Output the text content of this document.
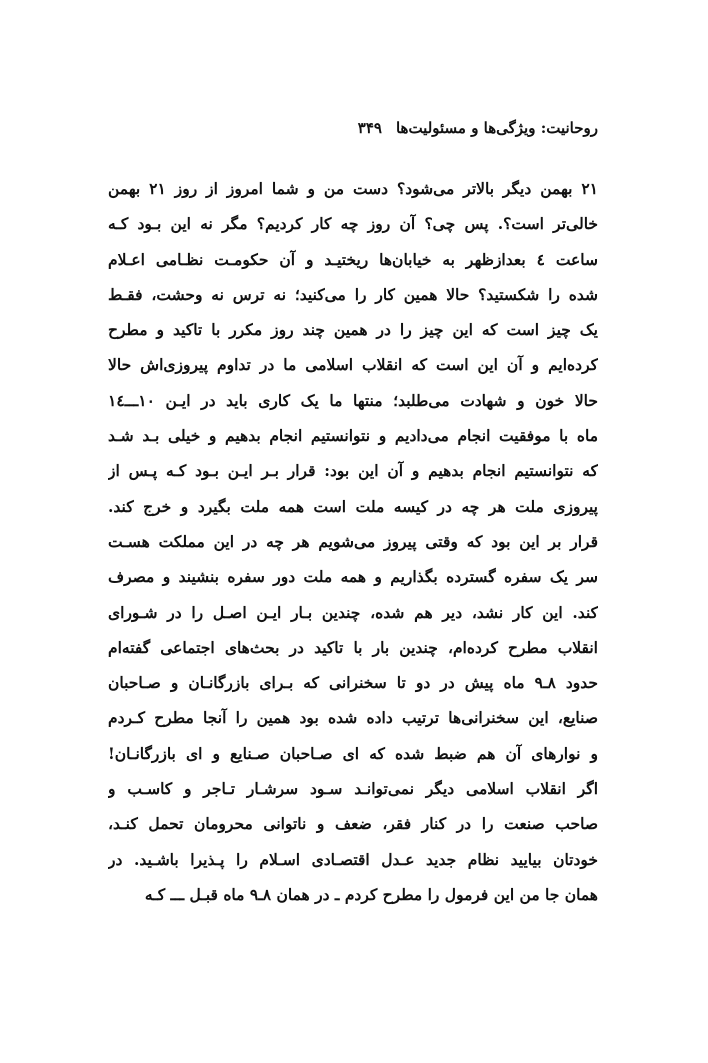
روحانیت: ویژگی‌ها و مسئولیت‌ها۳۴۹
۲۱ بهمن دیگر بالاتر می‌شود؟ دست من و شما امروز از روز ۲۱ بهمن
خالی‌تر است؟. پس چی؟ آن روز چه کار کردیم؟ مگر نه این بـود کـه
ساعت ٤ بعدازظهر به خیابان‌ها ریختیـد و آن حکومـت نظـامی اعـلام
شده را شکستید؟ حالا همین کار را می‌کنید؛ نه ترس نه وحشت، فقـط
یک چیز است که این چیز را در همین چند روز مکرر با تاکید و مطرح
کرده‌ایم و آن این است که انقلاب اسلامی ما در تداوم پیروزی‌اش حالا
حالا خون و شهادت می‌طلبد؛ منتها ما یک کاری باید در ایـن ۱۰ـــ۱٤
ماه با موفقیت انجام می‌دادیم و نتوانستیم انجام بدهیم و خیلی بـد شـد
که نتوانستیم انجام بدهیم و آن این بود: قرار بـر ایـن بـود کـه پـس از
پیروزی ملت هر چه در کیسه ملت است همه ملت بگیرد و خرج کند.
قرار بر این بود که وقتی پیروز می‌شویم هر چه در این مملکت هسـت
سر یک سفره گسترده بگذاریم و همه ملت دور سفره بنشیند و مصرف
کند. این کار نشد، دیر هم شده، چندین بـار ایـن اصـل را در شـورای
انقلاب مطرح کرده‌ام، چندین بار با تاکید در بحث‌های اجتماعی گفته‌ام
حدود ۸ـ۹ ماه پیش در دو تا سخنرانی که بـرای بازرگانـان و صـاحبان
صنایع، این سخنرانی‌ها ترتیب داده شده بود همین را آنجا مطرح کـردم
و نوارهای آن هم ضبط شده که ای صـاحبان صـنایع و ای بازرگانـان!
اگر انقلاب اسلامی دیگر نمی‌توانـد سـود سرشـار تـاجر و کاسـب و
صاحب صنعت را در کنار فقر، ضعف و ناتوانی محرومان تحمل کنـد،
خودتان بیایید نظام جدید عـدل اقتصـادی اسـلام را پـذیرا باشـید. در
همان جا من این فرمول را مطرح کردم ـ در همان ۸ـ۹ ماه قبـل ـــ کـه
